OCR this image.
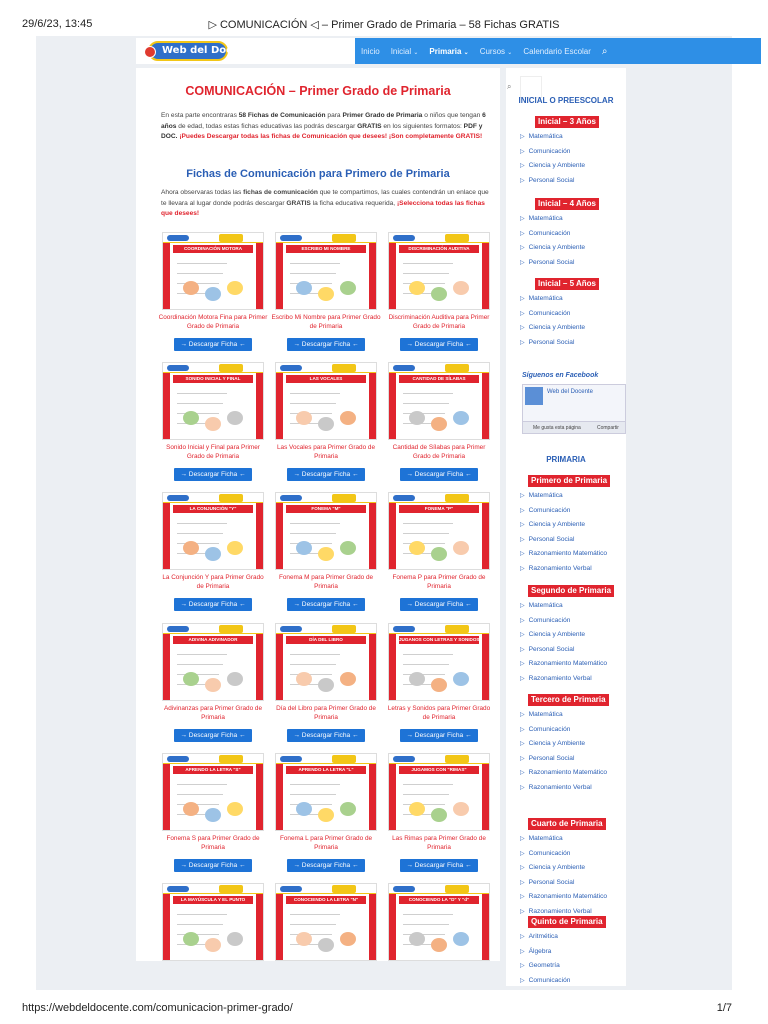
29/6/23, 13:45	▷ COMUNICACIÓN ◁ – Primer Grado de Primaria – 58 Fichas GRATIS
Web del Docente	Inicio Inicial ⌄ Primaria ⌄ Cursos ⌄ Calendario Escolar ⌕
COMUNICACIÓN – Primer Grado de Primaria

En esta parte encontraras 58 Fichas de Comunicación para Primer Grado de Primaria o niños que tengan 6 años de edad, todas estas fichas educativas las podrás descargar GRATIS en los siguientes formatos: PDF y DOC. ¡Puedes Descargar todas las fichas de Comunicación que desees! ¡Son completamente GRATIS!

Fichas de Comunicación para Primero de Primaria

Ahora observaras todas las fichas de comunicación que te compartimos, las cuales contendrán un enlace que te llevara al lugar donde podrás descargar GRATIS la ficha educativa requerida, ¡Selecciona todas las fichas que desees!

COORDINACIÓN MOTORA
Coordinación Motora Fina para Primer Grado de Primaria
→ Descargar Ficha ←
ESCRIBO MI NOMBRE
Escribo Mi Nombre para Primer Grado de Primaria
→ Descargar Ficha ←
DISCRIMINACIÓN AUDITIVA
Discriminación Auditiva para Primer Grado de Primaria
→ Descargar Ficha ←
SONIDO INICIAL Y FINAL
Sonido Inicial y Final para Primer Grado de Primaria
→ Descargar Ficha ←
LAS VOCALES
Las Vocales para Primer Grado de Primaria
→ Descargar Ficha ←
CANTIDAD DE SÍLABAS
Cantidad de Sílabas para Primer Grado de Primaria
→ Descargar Ficha ←
LA CONJUNCIÓN "Y"
La Conjunción Y para Primer Grado de Primaria
→ Descargar Ficha ←
FONEMA "M"
Fonema M para Primer Grado de Primaria
→ Descargar Ficha ←
FONEMA "P"
Fonema P para Primer Grado de Primaria
→ Descargar Ficha ←
ADIVINA ADIVINADOR
Adivinanzas para Primer Grado de Primaria
→ Descargar Ficha ←
DÍA DEL LIBRO
Día del Libro para Primer Grado de Primaria
→ Descargar Ficha ←
JUGANOS CON LETRAS Y SONIDOS
Letras y Sonidos para Primer Grado de Primaria
→ Descargar Ficha ←
APRENDO LA LETRA "S"
Fonema S para Primer Grado de Primaria
→ Descargar Ficha ←
APRENDO LA LETRA "L"
Fonema L para Primer Grado de Primaria
→ Descargar Ficha ←
JUGAMOS CON "RIMAS"
Las Rimas para Primer Grado de Primaria
→ Descargar Ficha ←
LA MAYÚSCULA Y EL PUNTO	CONOCIENDO LA LETRA "N"	CONOCIENDO LA "D" Y "d"
⌕
INICIAL O PREESCOLAR
Síguenos en Facebook
Web del Docente
Me gusta esta página	Compartir
PRIMARIA
Inicial – 3 Años
▷ Matemática
▷ Comunicación
▷ Ciencia y Ambiente
▷ Personal Social
Inicial – 4 Años
▷ Matemática
▷ Comunicación
▷ Ciencia y Ambiente
▷ Personal Social
Inicial – 5 Años
▷ Matemática
▷ Comunicación
▷ Ciencia y Ambiente
▷ Personal Social
Primero de Primaria
▷ Matemática
▷ Comunicación
▷ Ciencia y Ambiente
▷ Personal Social
▷ Razonamiento Matemático
▷ Razonamiento Verbal
Segundo de Primaria
▷ Matemática
▷ Comunicación
▷ Ciencia y Ambiente
▷ Personal Social
▷ Razonamiento Matemático
▷ Razonamiento Verbal
Tercero de Primaria
▷ Matemática
▷ Comunicación
▷ Ciencia y Ambiente
▷ Personal Social
▷ Razonamiento Matemático
▷ Razonamiento Verbal
Cuarto de Primaria
▷ Matemática
▷ Comunicación
▷ Ciencia y Ambiente
▷ Personal Social
▷ Razonamiento Matemático
▷ Razonamiento Verbal
Quinto de Primaria
▷ Aritmética
▷ Álgebra
▷ Geometría
▷ Comunicación
https://webdeldocente.com/comunicacion-primer-grado/	1/7
